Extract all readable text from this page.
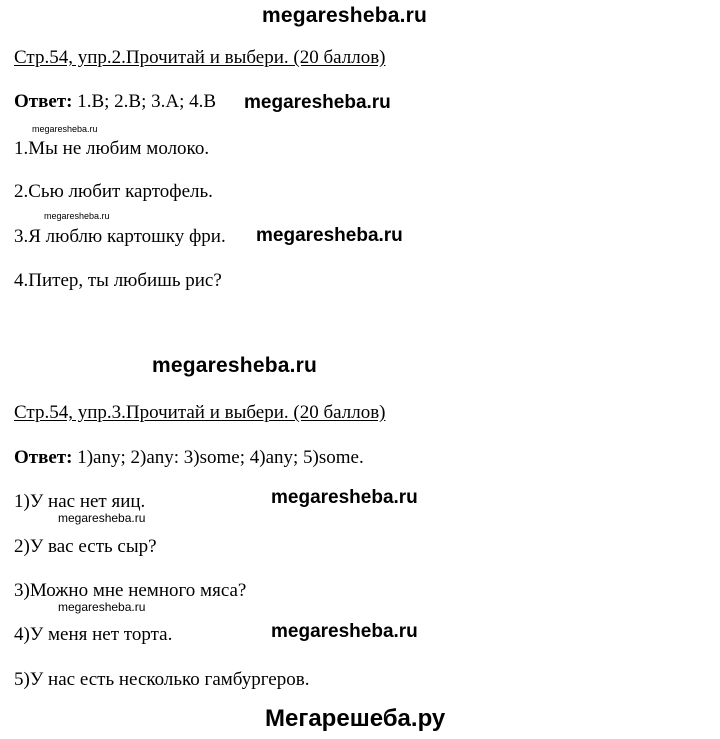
megaresheba.ru
Стр.54, упр.2.Прочитай и выбери. (20 баллов)
Ответ: 1.B; 2.B; 3.A; 4.B megaresheba.ru
megaresheba.ru
1.Мы не любим молоко.
2.Сью любит картофель.
megaresheba.ru
3.Я люблю картошку фри. megaresheba.ru
4.Питер, ты любишь рис?
megaresheba.ru
Стр.54, упр.3.Прочитай и выбери. (20 баллов)
Ответ: 1)any; 2)any: 3)some; 4)any; 5)some.
1)У нас нет яиц.	megaresheba.ru
megaresheba.ru
2)У вас есть сыр?
3)Можно мне немного мяса?
megaresheba.ru
4)У меня нет торта.	megaresheba.ru
5)У нас есть несколько гамбургеров.
Мегарешеба.ру
